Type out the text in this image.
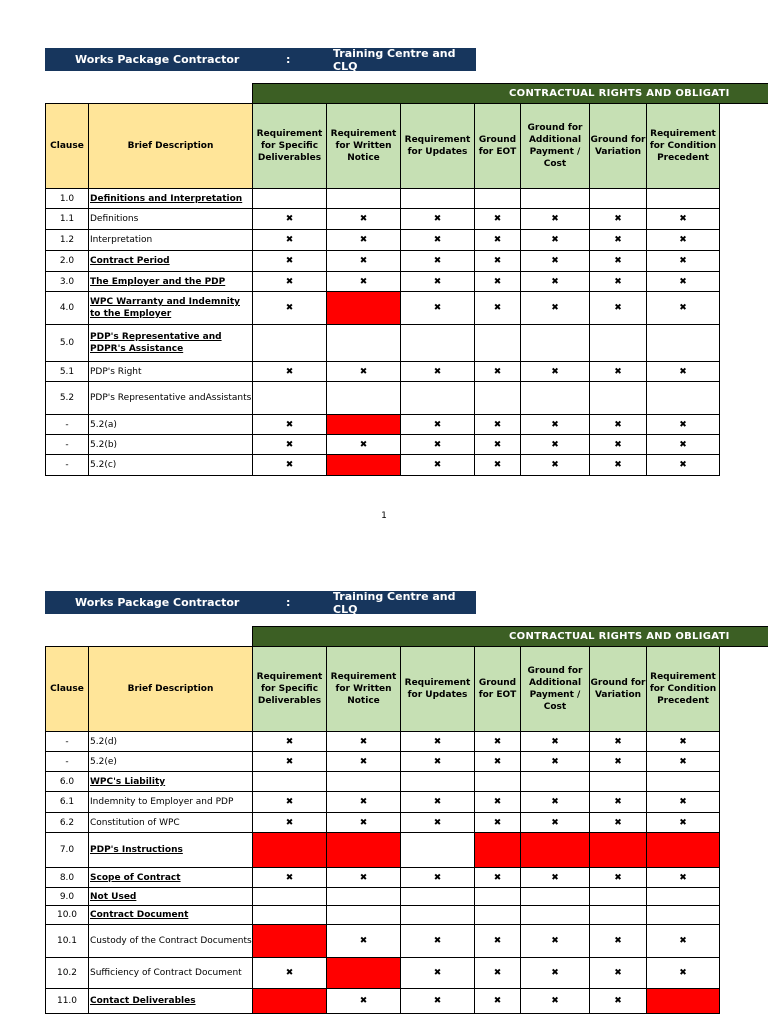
Works Package Contractor	:	Training Centre and CLQ
CONTRACTUAL RIGHTS AND OBLIGATI
Clause	Brief Description	Requirement for Specific Deliverables	Requirement for Written Notice	Requirement for Updates	Ground for EOT	Ground for Additional Payment / Cost	Ground for Variation	Requirement for Condition Precedent
1.0	Definitions and Interpretation							
1.1	Definitions	✖	✖	✖	✖	✖	✖	✖
1.2	Interpretation	✖	✖	✖	✖	✖	✖	✖
2.0	Contract Period	✖	✖	✖	✖	✖	✖	✖
3.0	The Employer and the PDP	✖	✖	✖	✖	✖	✖	✖
4.0	WPC Warranty and Indemnity to the Employer	✖		✖	✖	✖	✖	✖
5.0	PDP's Representative and PDPR's Assistance							
5.1	PDP's Right	✖	✖	✖	✖	✖	✖	✖
5.2	PDP's Representative andAssistants							
-	5.2(a)	✖		✖	✖	✖	✖	✖
-	5.2(b)	✖	✖	✖	✖	✖	✖	✖
-	5.2(c)	✖		✖	✖	✖	✖	✖
1
Works Package Contractor	:	Training Centre and CLQ
CONTRACTUAL RIGHTS AND OBLIGATI
Clause	Brief Description	Requirement for Specific Deliverables	Requirement for Written Notice	Requirement for Updates	Ground for EOT	Ground for Additional Payment / Cost	Ground for Variation	Requirement for Condition Precedent
-	5.2(d)	✖	✖	✖	✖	✖	✖	✖
-	5.2(e)	✖	✖	✖	✖	✖	✖	✖
6.0	WPC's Liability							
6.1	Indemnity to Employer and PDP	✖	✖	✖	✖	✖	✖	✖
6.2	Constitution of WPC	✖	✖	✖	✖	✖	✖	✖
7.0	PDP's Instructions							
8.0	Scope of Contract	✖	✖	✖	✖	✖	✖	✖
9.0	Not Used							
10.0	Contract Document							
10.1	Custody of the Contract Documents		✖	✖	✖	✖	✖	✖
10.2	Sufficiency of Contract Document	✖		✖	✖	✖	✖	✖
11.0	Contact Deliverables		✖	✖	✖	✖	✖	
